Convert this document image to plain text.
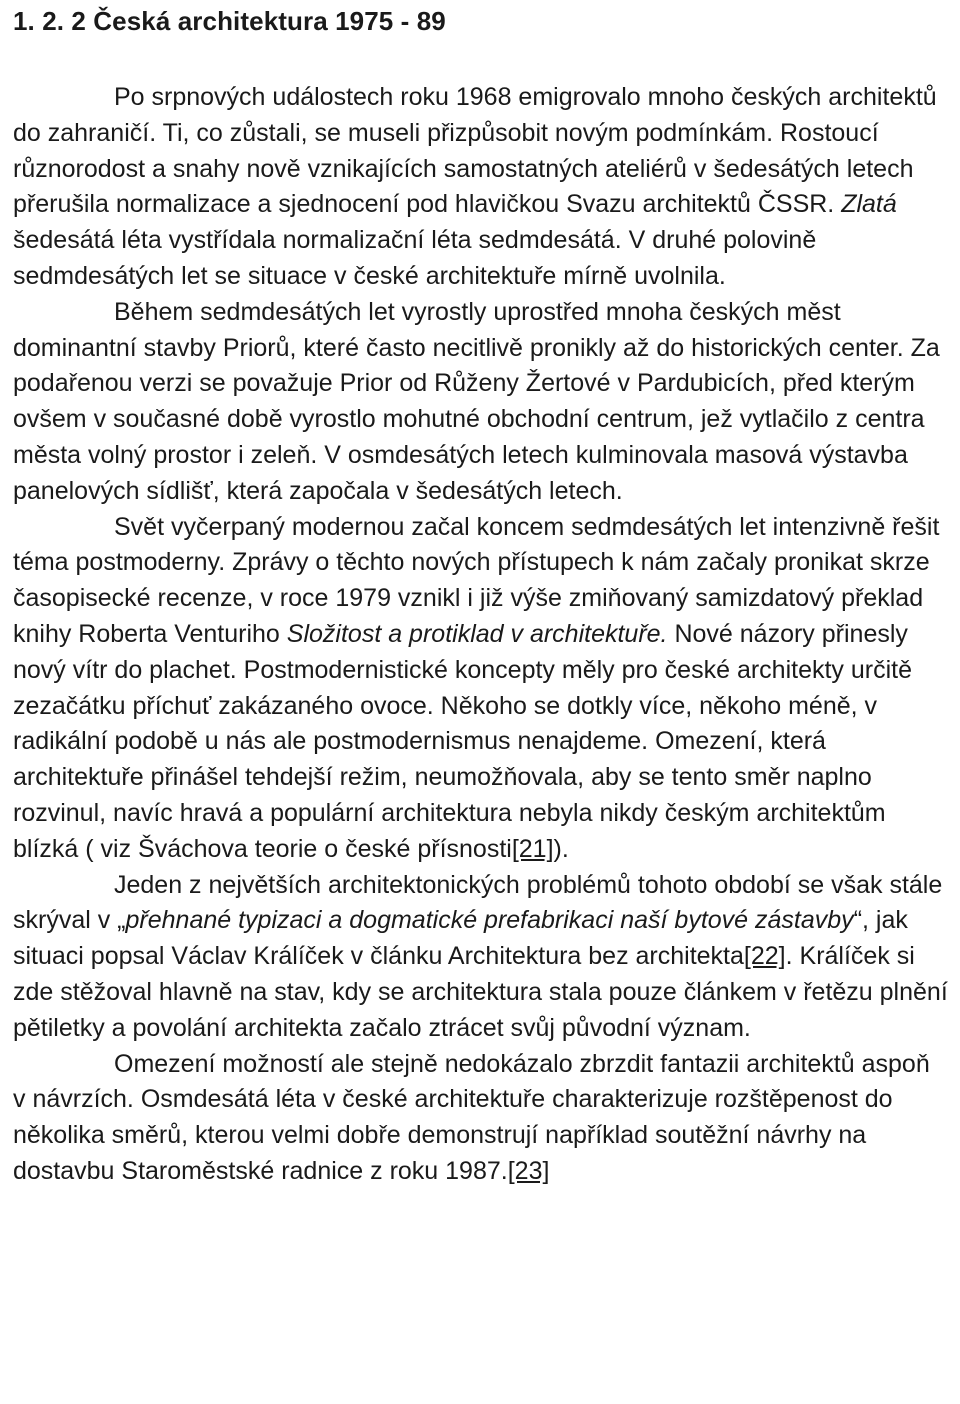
1. 2. 2 Česká architektura 1975 - 89

Po srpnových událostech roku 1968 emigrovalo mnoho českých architektů do zahraničí. Ti, co zůstali, se museli přizpůsobit novým podmínkám. Rostoucí různorodost a snahy nově vznikajících samostatných ateliérů v šedesátých letech přerušila normalizace a sjednocení pod hlavičkou Svazu architektů ČSSR. Zlatá šedesátá léta vystřídala normalizační léta sedmdesátá. V druhé polovině sedmdesátých let se situace v české architektuře mírně uvolnila.

Během sedmdesátých let vyrostly uprostřed mnoha českých měst dominantní stavby Priorů, které často necitlivě pronikly až do historických center. Za podařenou verzi se považuje Prior od Růženy Žertové v Pardubicích, před kterým ovšem v současné době vyrostlo mohutné obchodní centrum, jež vytlačilo z centra města volný prostor i zeleň. V osmdesátých letech kulminovala masová výstavba panelových sídlišť, která započala v šedesátých letech.

Svět vyčerpaný modernou začal koncem sedmdesátých let intenzivně řešit téma postmoderny. Zprávy o těchto nových přístupech k nám začaly pronikat skrze časopisecké recenze, v roce 1979 vznikl i již výše zmiňovaný samizdatový překlad knihy Roberta Venturiho Složitost a protiklad v architektuře. Nové názory přinesly nový vítr do plachet. Postmodernistické koncepty měly pro české architekty určitě zezačátku příchuť zakázaného ovoce. Někoho se dotkly více, někoho méně, v radikální podobě u nás ale postmodernismus nenajdeme. Omezení, která architektuře přinášel tehdejší režim, neumožňovala, aby se tento směr naplno rozvinul, navíc hravá a populární architektura nebyla nikdy českým architektům blízká ( viz Šváchova teorie o české přísnosti[21]).

Jeden z největších architektonických problémů tohoto období se však stále skrýval v „přehnané typizaci a dogmatické prefabrikaci naší bytové zástavby“, jak situaci popsal Václav Králíček v článku Architektura bez architekta[22]. Králíček si zde stěžoval hlavně na stav, kdy se architektura stala pouze článkem v řetězu plnění pětiletky a povolání architekta začalo ztrácet svůj původní význam.

Omezení možností ale stejně nedokázalo zbrzdit fantazii architektů aspoň v návrzích. Osmdesátá léta v české architektuře charakterizuje rozštěpenost do několika směrů, kterou velmi dobře demonstrují například soutěžní návrhy na dostavbu Staroměstské radnice z roku 1987.[23]
